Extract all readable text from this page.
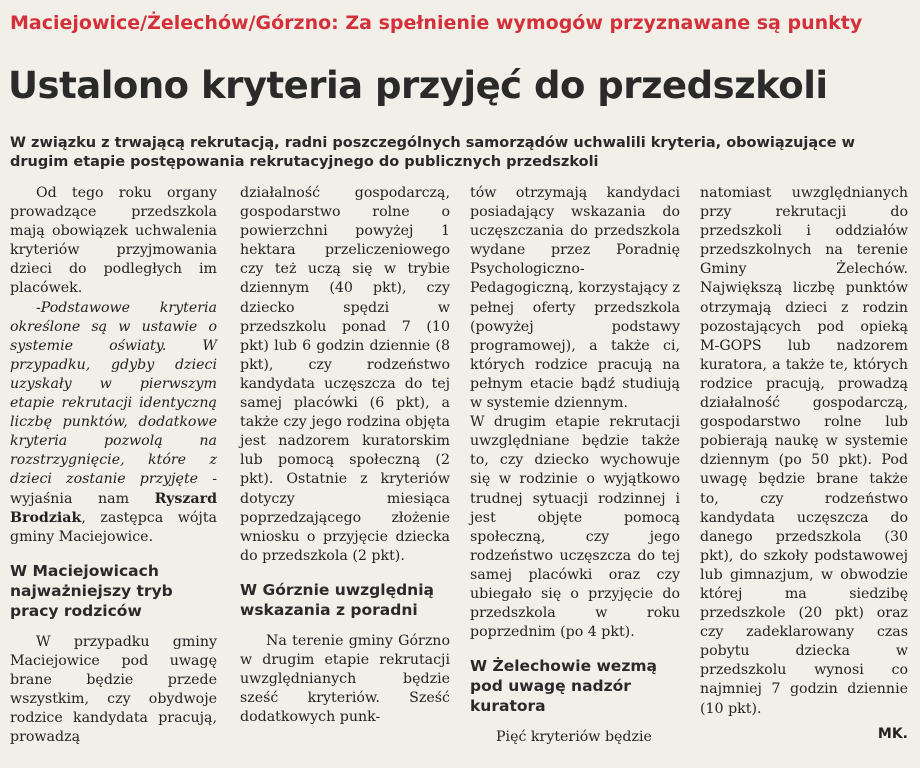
Maciejowice/Żelechów/Górzno: Za spełnienie wymogów przyznawane są punkty
Ustalono kryteria przyjęć do przedszkoli

W związku z trwającą rekrutacją, radni poszczególnych samorządów uchwalili kryteria, obowiązujące w drugim etapie postępowania rekrutacyjnego do publicznych przedszkoli

Od tego roku organy prowadzące przedszkola mają obowiązek uchwalenia kryteriów przyjmowania dzieci do podległych im placówek.

-Podstawowe kryteria określone są w ustawie o systemie oświaty. W przypadku, gdyby dzieci uzyskały w pierwszym etapie rekrutacji identyczną liczbę punktów, dodatkowe kryteria pozwolą na rozstrzygnięcie, które z dzieci zostanie przyjęte -wyjaśnia nam Ryszard Brodziak, zastępca wójta gminy Maciejowice.

W Maciejowicach najważniejszy tryb pracy rodziców

W przypadku gminy Maciejowice pod uwagę brane będzie przede wszystkim, czy obydwoje rodzice kandydata pracują, prowadzą

działalność gospodarczą, gospodarstwo rolne o powierzchni powyżej 1 hektara przeliczeniowego czy też uczą się w trybie dziennym (40 pkt), czy dziecko spędzi w przedszkolu ponad 7 (10 pkt) lub 6 godzin dziennie (8 pkt), czy rodzeństwo kandydata uczęszcza do tej samej placówki (6 pkt), a także czy jego rodzina objęta jest nadzorem kuratorskim lub pomocą społeczną (2 pkt). Ostatnie z kryteriów dotyczy miesiąca poprzedzającego złożenie wniosku o przyjęcie dziecka do przedszkola (2 pkt).

W Górznie uwzględnią wskazania z poradni

Na terenie gminy Górzno w drugim etapie rekrutacji uwzględnianych będzie sześć kryteriów. Sześć dodatkowych punk-

tów otrzymają kandydaci posiadający wskazania do uczęszczania do przedszkola wydane przez Poradnię Psychologiczno-Pedagogiczną, korzystający z pełnej oferty przedszkola (powyżej podstawy programowej), a także ci, których rodzice pracują na pełnym etacie bądź studiują w systemie dziennym.

W drugim etapie rekrutacji uwzględniane będzie także to, czy dziecko wychowuje się w rodzinie o wyjątkowo trudnej sytuacji rodzinnej i jest objęte pomocą społeczną, czy jego rodzeństwo uczęszcza do tej samej placówki oraz czy ubiegało się o przyjęcie do przedszkola w roku poprzednim (po 4 pkt).

W Żelechowie wezmą pod uwagę nadzór kuratora

Pięć kryteriów będzie

natomiast uwzględnianych przy rekrutacji do przedszkoli i oddziałów przedszkolnych na terenie Gminy Żelechów. Największą liczbę punktów otrzymają dzieci z rodzin pozostających pod opieką M-GOPS lub nadzorem kuratora, a także te, których rodzice pracują, prowadzą działalność gospodarczą, gospodarstwo rolne lub pobierają naukę w systemie dziennym (po 50 pkt). Pod uwagę będzie brane także to, czy rodzeństwo kandydata uczęszcza do danego przedszkola (30 pkt), do szkoły podstawowej lub gimnazjum, w obwodzie której ma siedzibę przedszkole (20 pkt) oraz czy zadeklarowany czas pobytu dziecka w przedszkolu wynosi co najmniej 7 godzin dziennie (10 pkt).

MK.
